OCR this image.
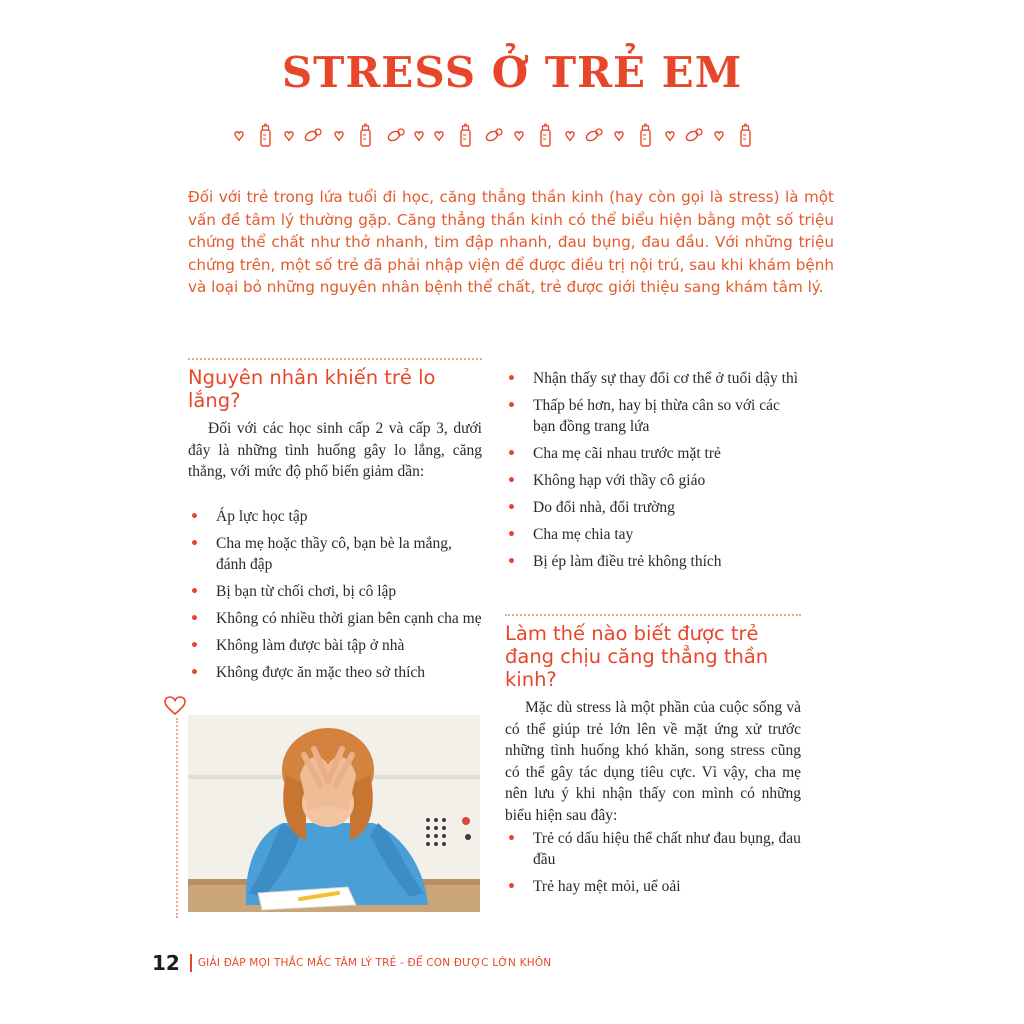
STRESS Ở TRẺ EM
Đối với trẻ trong lứa tuổi đi học, căng thẳng thần kinh (hay còn gọi là stress) là một vấn đề tâm lý thường gặp. Căng thẳng thần kinh có thể biểu hiện bằng một số triệu chứng thể chất như thở nhanh, tim đập nhanh, đau bụng, đau đầu. Với những triệu chứng trên, một số trẻ đã phải nhập viện để được điều trị nội trú, sau khi khám bệnh và loại bỏ những nguyên nhân bệnh thể chất, trẻ được giới thiệu sang khám tâm lý.
Nguyên nhân khiến trẻ lo lắng?
Đối với các học sinh cấp 2 và cấp 3, dưới đây là những tình huống gây lo lắng, căng thẳng, với mức độ phổ biến giảm dần:
• Áp lực học tập
• Cha mẹ hoặc thầy cô, bạn bè la mắng, đánh đập
• Bị bạn từ chối chơi, bị cô lập
• Không có nhiều thời gian bên cạnh cha mẹ
• Không làm được bài tập ở nhà
• Không được ăn mặc theo sở thích
• Nhận thấy sự thay đổi cơ thể ở tuổi dậy thì
• Thấp bé hơn, hay bị thừa cân so với các bạn đồng trang lứa
• Cha mẹ cãi nhau trước mặt trẻ
• Không hạp với thầy cô giáo
• Do đổi nhà, đổi trường
• Cha mẹ chia tay
• Bị ép làm điều trẻ không thích
Làm thế nào biết được trẻ đang chịu căng thẳng thần kinh?
Mặc dù stress là một phần của cuộc sống và có thể giúp trẻ lớn lên về mặt ứng xử trước những tình huống khó khăn, song stress cũng có thể gây tác dụng tiêu cực. Vì vậy, cha mẹ nên lưu ý khi nhận thấy con mình có những biểu hiện sau đây:
• Trẻ có dấu hiệu thể chất như đau bụng, đau đầu
• Trẻ hay mệt mỏi, uể oải
12 GIẢI ĐÁP MỌI THẮC MẮC TÂM LÝ TRẺ - ĐỂ CON ĐƯỢC LỚN KHÔN
